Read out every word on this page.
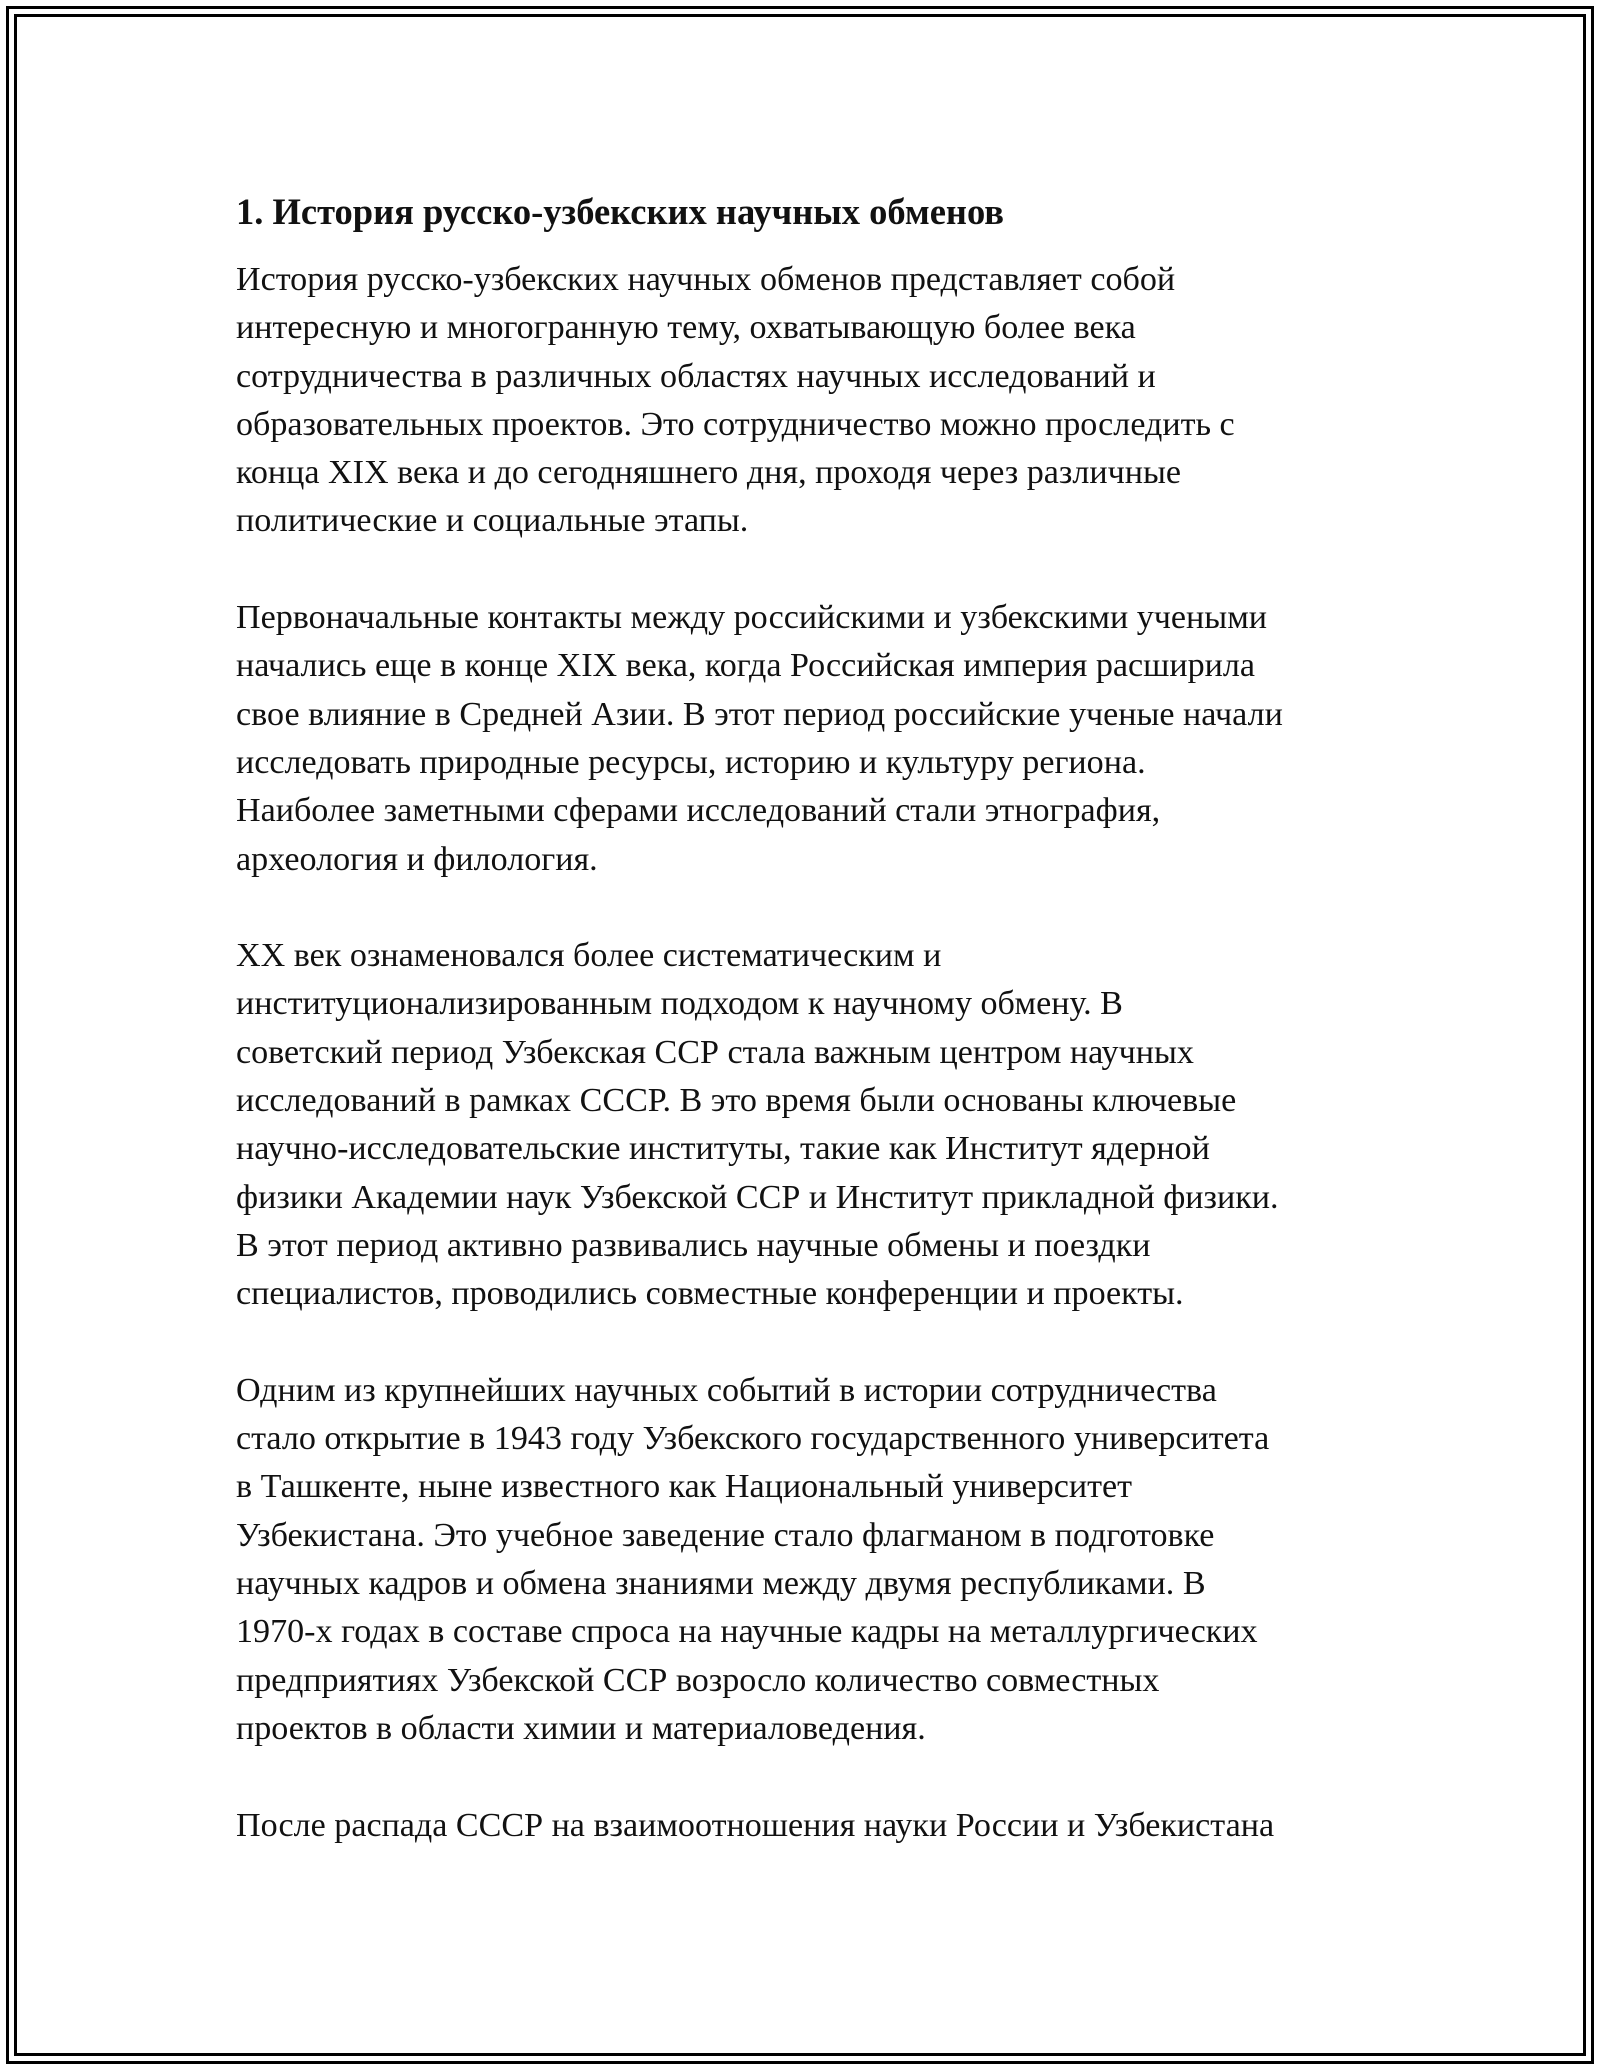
1. История русско-узбекских научных обменов

История русско-узбекских научных обменов представляет собой
интересную и многогранную тему, охватывающую более века
сотрудничества в различных областях научных исследований и
образовательных проектов. Это сотрудничество можно проследить с
конца XIX века и до сегодняшнего дня, проходя через различные
политические и социальные этапы.

Первоначальные контакты между российскими и узбекскими учеными
начались еще в конце XIX века, когда Российская империя расширила
свое влияние в Средней Азии. В этот период российские ученые начали
исследовать природные ресурсы, историю и культуру региона.
Наиболее заметными сферами исследований стали этнография,
археология и филология.

XX век ознаменовался более систематическим и
институционализированным подходом к научному обмену. В
советский период Узбекская ССР стала важным центром научных
исследований в рамках СССР. В это время были основаны ключевые
научно-исследовательские институты, такие как Институт ядерной
физики Академии наук Узбекской ССР и Институт прикладной физики.
В этот период активно развивались научные обмены и поездки
специалистов, проводились совместные конференции и проекты.

Одним из крупнейших научных событий в истории сотрудничества
стало открытие в 1943 году Узбекского государственного университета
в Ташкенте, ныне известного как Национальный университет
Узбекистана. Это учебное заведение стало флагманом в подготовке
научных кадров и обмена знаниями между двумя республиками. В
1970-х годах в составе спроса на научные кадры на металлургических
предприятиях Узбекской ССР возросло количество совместных
проектов в области химии и материаловедения.

После распада СССР на взаимоотношения науки России и Узбекистана
